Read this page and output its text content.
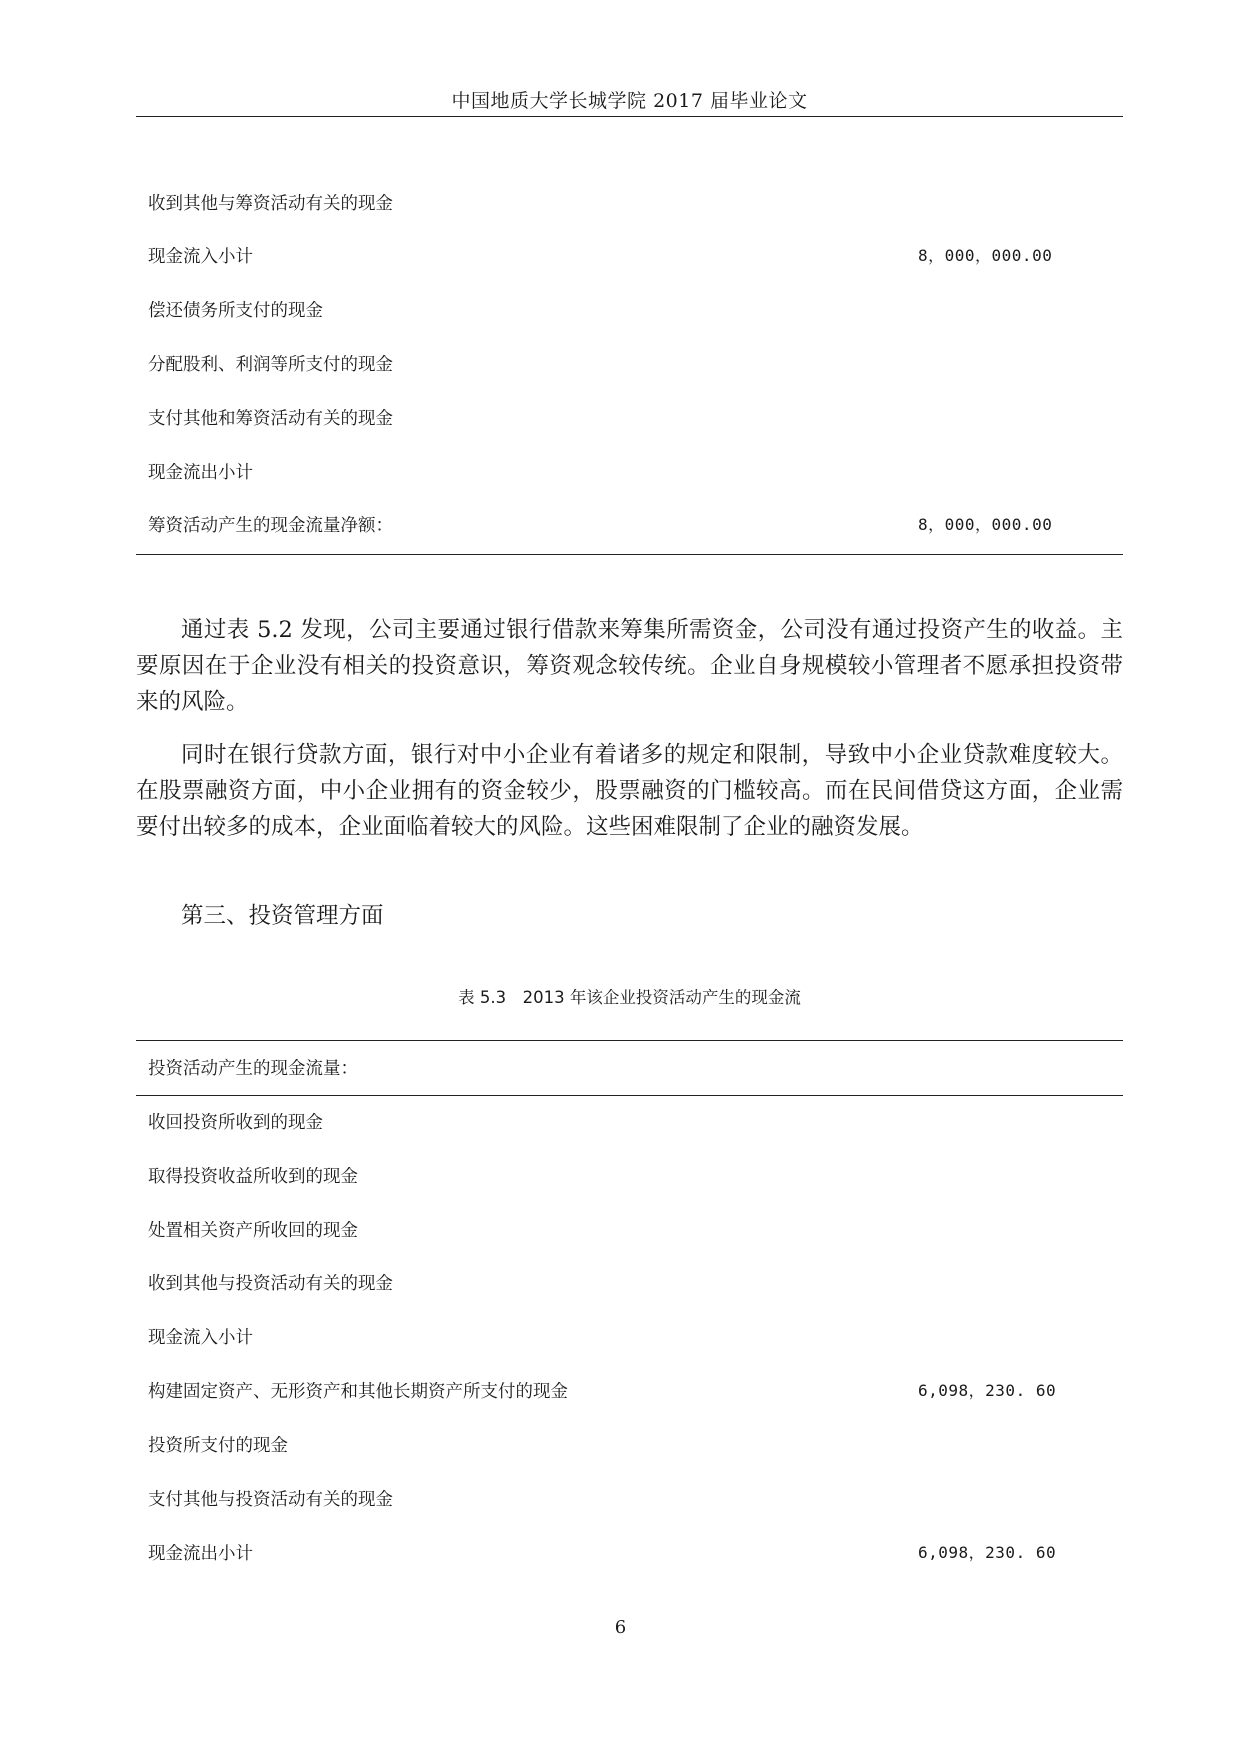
中国地质大学长城学院 2017 届毕业论文
收到其他与筹资活动有关的现金
现金流入小计	8，000，000.00
偿还债务所支付的现金
分配股利、利润等所支付的现金
支付其他和筹资活动有关的现金
现金流出小计
筹资活动产生的现金流量净额：	8，000，000.00

通过表 5.2 发现，公司主要通过银行借款来筹集所需资金，公司没有通过投资产生的收益。主要原因在于企业没有相关的投资意识，筹资观念较传统。企业自身规模较小管理者不愿承担投资带来的风险。

同时在银行贷款方面，银行对中小企业有着诸多的规定和限制，导致中小企业贷款难度较大。在股票融资方面，中小企业拥有的资金较少，股票融资的门槛较高。而在民间借贷这方面，企业需要付出较多的成本，企业面临着较大的风险。这些困难限制了企业的融资发展。

第三、投资管理方面

表 5.3　2013 年该企业投资活动产生的现金流
投资活动产生的现金流量：
收回投资所收到的现金
取得投资收益所收到的现金
处置相关资产所收回的现金
收到其他与投资活动有关的现金
现金流入小计
构建固定资产、无形资产和其他长期资产所支付的现金	6,098，230. 60
投资所支付的现金
支付其他与投资活动有关的现金
现金流出小计	6,098，230. 60
6
